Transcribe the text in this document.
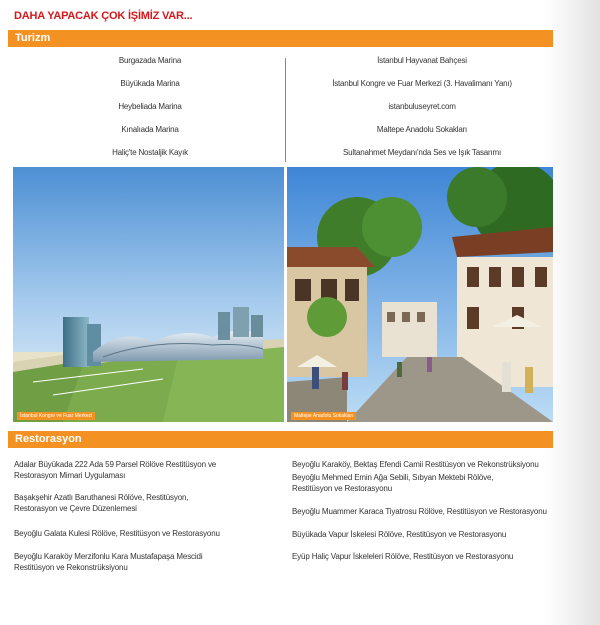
DAHA YAPACAK ÇOK İŞİMİZ VAR...
Turizm
Burgazada Marina
Büyükada Marina
Heybeliada Marina
Kınalıada Marina
Haliç'te Nostaljik Kayık
İstanbul Hayvanat Bahçesi
İstanbul Kongre ve Fuar Merkezi (3. Havalimanı Yanı)
istanbuluseyret.com
Maltepe Anadolu Sokakları
Sultanahmet Meydanı'nda Ses ve Işık Tasarımı
İstanbul Kongre ve Fuar Merkezi	Maltepe Anadolu Sokakları
Restorasyon
Adalar Büyükada 222 Ada 59 Parsel Rölöve Restitüsyon ve
Restorasyon Mimari Uygulaması
Başakşehir Azatlı Baruthanesi Rölöve, Restitüsyon,
Restorasyon ve Çevre Düzenlemesi
Beyoğlu Galata Kulesi Rölöve, Restitüsyon ve Restorasyonu
Beyoğlu Karaköy Merzifonlu Kara Mustafapaşa Mescidi
Restitüsyon ve Rekonstrüksiyonu
Beyoğlu Karaköy, Bektaş Efendi Camii Restitüsyon ve Rekonstrüksiyonu
Beyoğlu Mehmed Emin Ağa Sebili, Sıbyan Mektebi Rölöve,
Restitüsyon ve Restorasyonu
Beyoğlu Muammer Karaca Tiyatrosu Rölöve, Restitüsyon ve Restorasyonu
Büyükada Vapur İskelesi Rölöve, Restitüsyon ve Restorasyonu
Eyüp Haliç Vapur İskeleleri Rölöve, Restitüsyon ve Restorasyonu
